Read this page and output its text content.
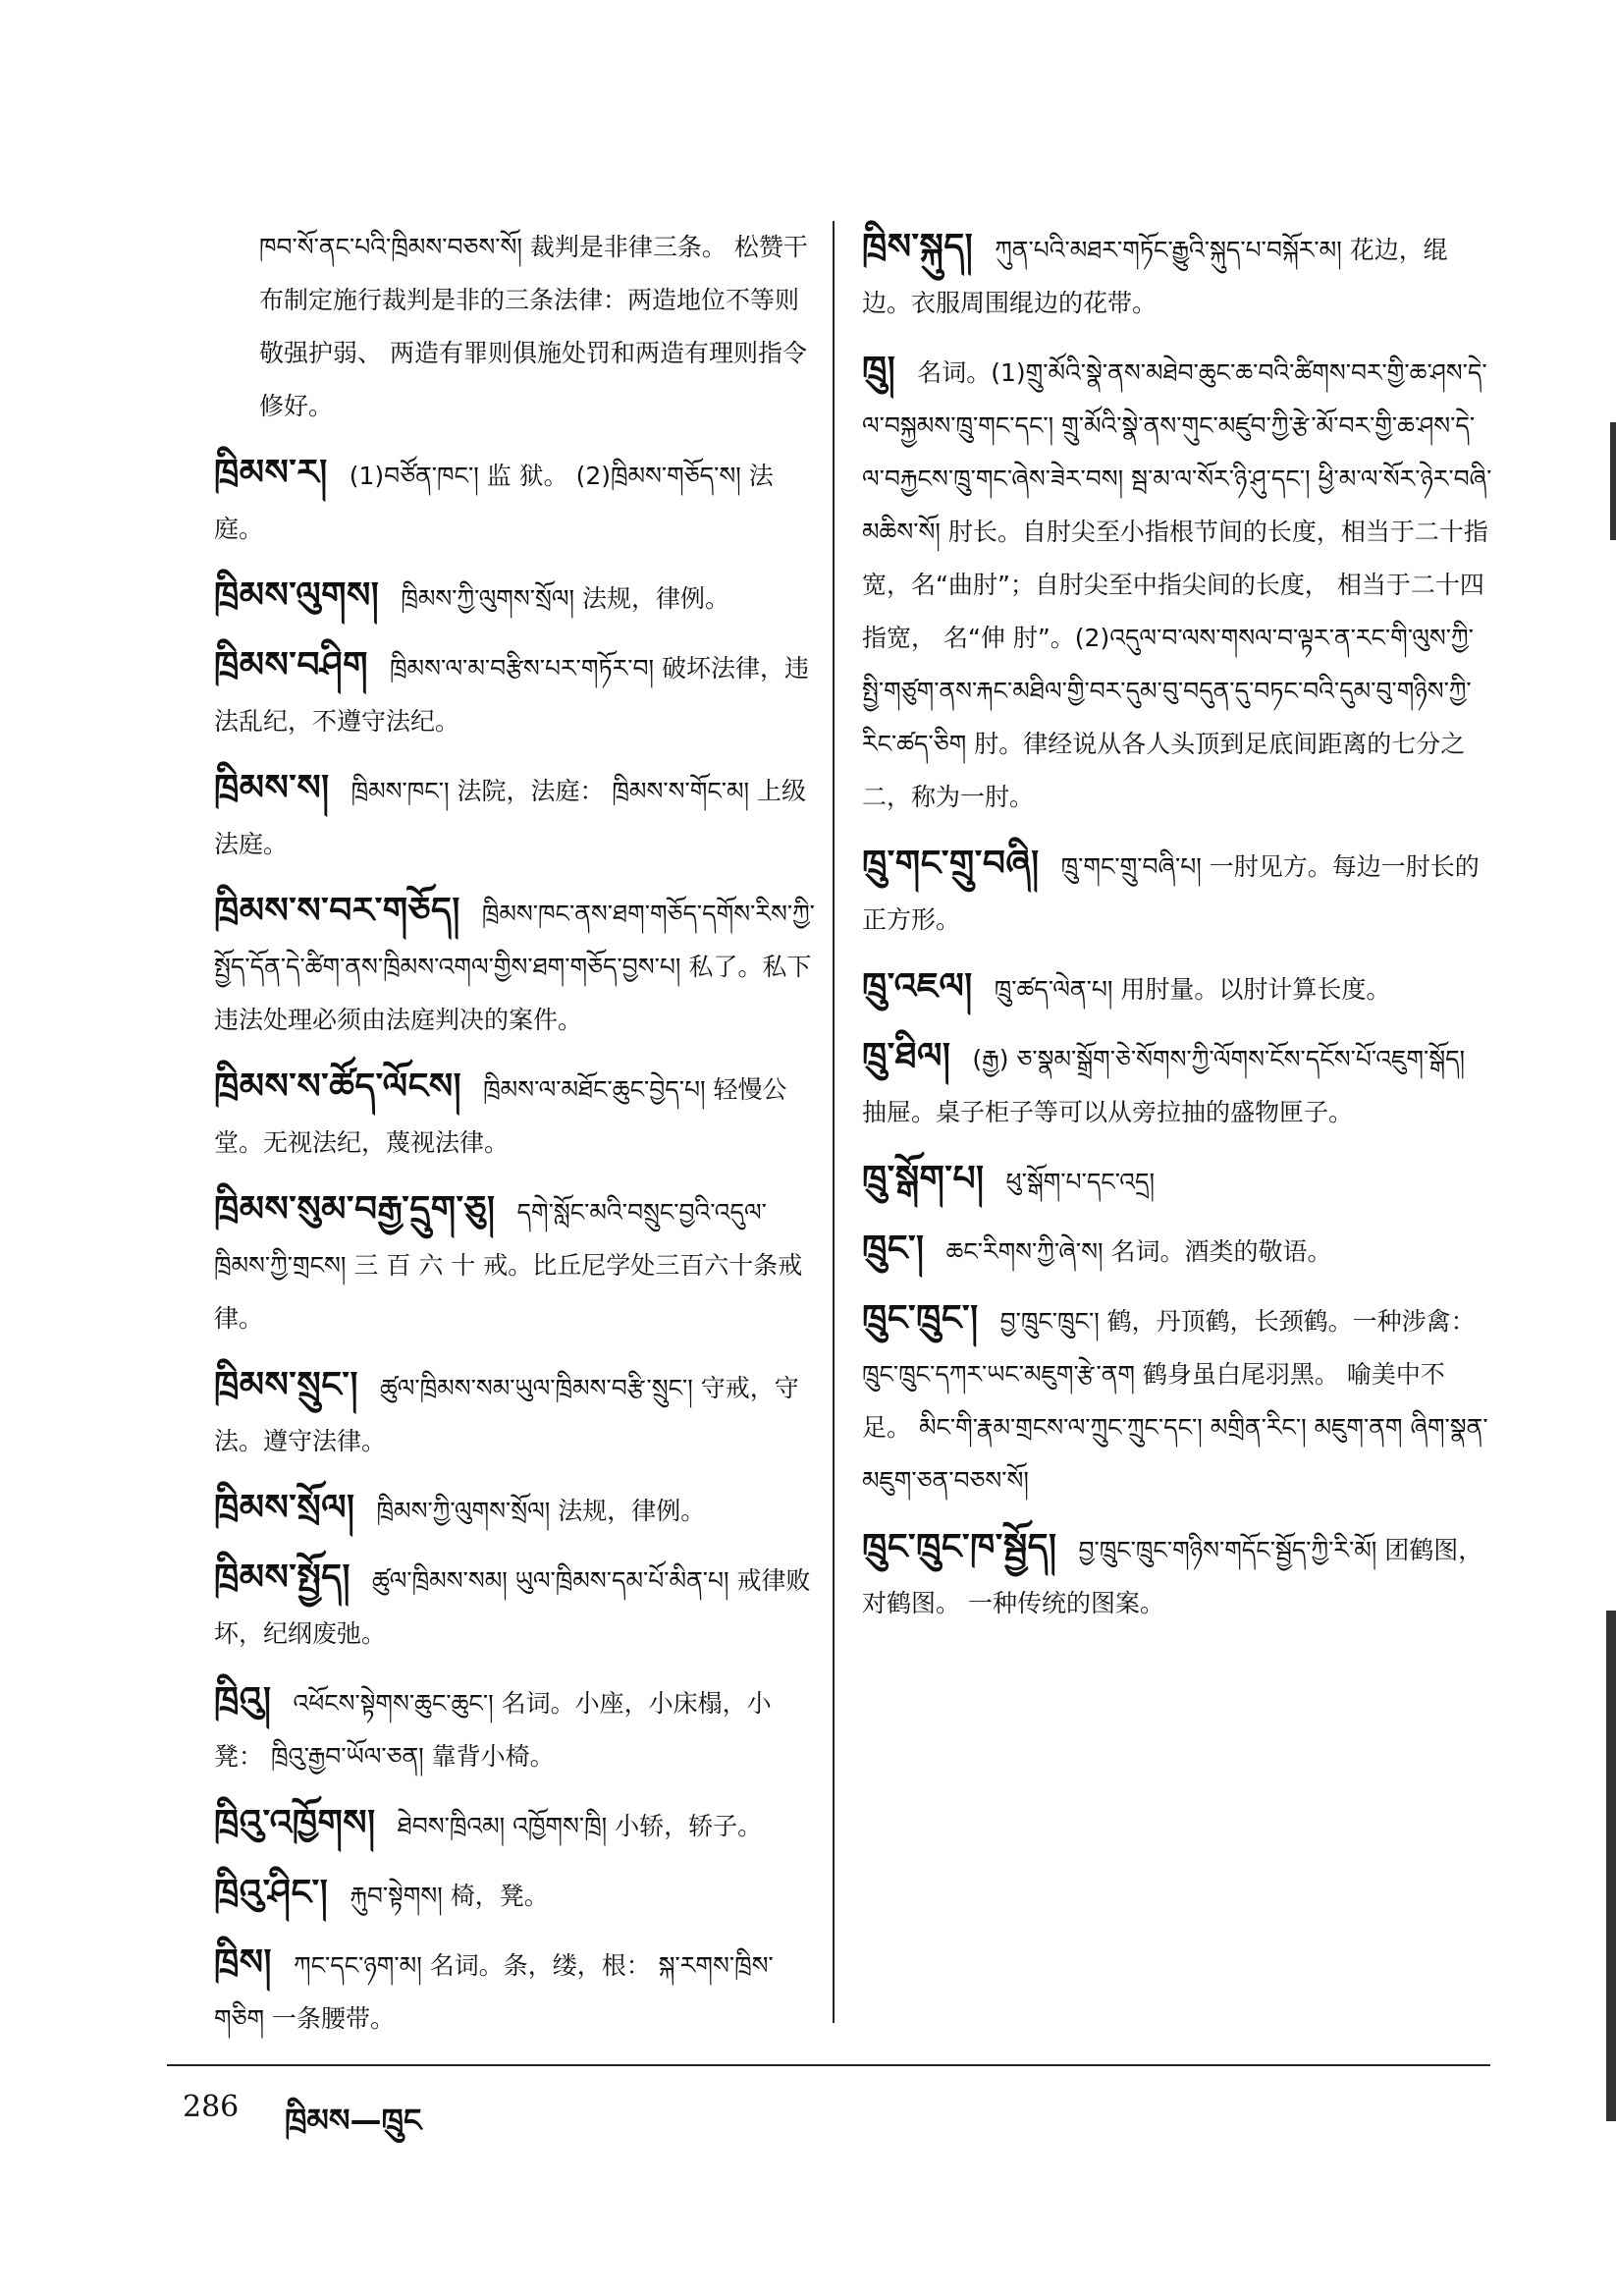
ཁབ་སོ་ནང་པའི་ཁྲིམས་བཅས་སོ། 裁判是非律三条。 松赞干布制定施行裁判是非的三条法律：两造地位不等则敬强护弱、 两造有罪则俱施处罚和两造有理则指令修好。
ཁྲིམས་ར། (1)བཙོན་ཁང་། 监 狱。 (2)ཁྲིམས་གཅོད་ས། 法庭。
ཁྲིམས་ལུགས། ཁྲིམས་ཀྱི་ལུགས་སྲོལ། 法规，律例。
ཁྲིམས་བཤིག ཁྲིམས་ལ་མ་བརྩིས་པར་གཏོར་བ། 破坏法律，违法乱纪，不遵守法纪。
ཁྲིམས་ས། ཁྲིམས་ཁང་། 法院，法庭： ཁྲིམས་ས་གོང་མ། 上级法庭。
ཁྲིམས་ས་བར་གཅོད། ཁྲིམས་ཁང་ནས་ཐག་གཅོད་དགོས་རིས་ཀྱི་སྤྱོད་དོན་དེ་ཚིག་ནས་ཁྲིམས་འགལ་གྱིས་ཐག་གཅོད་བྱས་པ། 私了。私下违法处理必须由法庭判决的案件。
ཁྲིམས་ས་ཚོད་ལོངས། ཁྲིམས་ལ་མཐོང་ཆུང་བྱེད་པ། 轻慢公堂。无视法纪，蔑视法律。
ཁྲིམས་སུམ་བརྒྱ་དྲུག་ཅུ། དགེ་སློང་མའི་བསྲུང་བྱའི་འདུལ་ཁྲིམས་ཀྱི་གྲངས། 三 百 六 十 戒。比丘尼学处三百六十条戒律。
ཁྲིམས་སྲུང་། ཚུལ་ཁྲིམས་སམ་ཡུལ་ཁྲིམས་བརྩི་སྲུང་། 守戒，守法。遵守法律。
ཁྲིམས་སྲོལ། ཁྲིམས་ཀྱི་ལུགས་སྲོལ། 法规，律例。
ཁྲིམས་སྤྱོད། ཚུལ་ཁྲིམས་སམ། ཡུལ་ཁྲིམས་དམ་པོ་མིན་པ། 戒律败坏，纪纲废弛。
ཁྲིའུ། འཕོངས་སྟེགས་ཆུང་ཆུང་། 名词。小座，小床榻，小凳： ཁྲིའུ་རྒྱབ་ཡོལ་ཅན། 靠背小椅。
ཁྲིའུ་འཁྱོགས། ཐེབས་ཁྲིའམ། འཁྱོགས་ཁྲི། 小轿，轿子。
ཁྲིའུ་ཤིང་། རྐུབ་སྟེགས། 椅，凳。
ཁྲིས། ཀང་དང་ཉག་མ། 名词。条，缕，根： སྐ་རགས་ཁྲིས་གཅིག 一条腰带。
ཁྲིས་སྐུད། ཀུན་པའི་མཐར་གཏོང་རྒྱུའི་སྐུད་པ་བསྐོར་མ། 花边，绲边。衣服周围绲边的花带。
ཁྲུ། 名词。(1)གྲུ་མོའི་སྣེ་ནས་མཐེབ་ཆུང་ཆ་བའི་ཚིགས་བར་གྱི་ཆ་ཤས་དེ་ལ་བསྐྱམས་ཁྲུ་གང་དང་། གྲུ་མོའི་སྣེ་ནས་གུང་མཛུབ་ཀྱི་རྩེ་མོ་བར་གྱི་ཆ་ཤས་དེ་ལ་བརྐྱངས་ཁྲུ་གང་ཞེས་ཟེར་བས། སྦ་མ་ལ་སོར་ཉི་ཤུ་དང་། ཕྱི་མ་ལ་སོར་ཉེར་བཞི་མཆིས་སོ། 肘长。自肘尖至小指根节间的长度，相当于二十指宽，名“曲肘”；自肘尖至中指尖间的长度， 相当于二十四指宽， 名“伸 肘”。(2)འདུལ་བ་ལས་གསལ་བ་ལྟར་ན་རང་གི་ལུས་ཀྱི་སྤྱི་གཙུག་ནས་རྐང་མཐིལ་གྱི་བར་དུམ་བུ་བདུན་དུ་བཏང་བའི་དུམ་བུ་གཉིས་ཀྱི་རིང་ཚད་ཅིག 肘。律经说从各人头顶到足底间距离的七分之二，称为一肘。
ཁྲུ་གང་གྲུ་བཞི། ཁྲུ་གང་གྲུ་བཞི་པ། 一肘见方。每边一肘长的正方形。
ཁྲུ་འཇལ། ཁྲུ་ཚད་ལེན་པ། 用肘量。以肘计算长度。
ཁྲུ་ཐིལ། (རྒྱ) ཅ་སྣམ་སྒྲོག་ཅེ་སོགས་ཀྱི་ལོགས་ངོས་དངོས་པོ་འཇུག་སྒོད། 抽屉。桌子柜子等可以从旁拉抽的盛物匣子。
ཁྲུ་སྒོག་པ། ཕུ་སྒོག་པ་དང་འདྲ།
ཁྲུང་། ཆང་རིགས་ཀྱི་ཞེ་ས། 名词。酒类的敬语。
ཁྲུང་ཁྲུང་། བྱ་ཁྲུང་ཁྲུང་། 鹤，丹顶鹤，长颈鹤。一种涉禽： ཁྲུང་ཁྲུང་དཀར་ཡང་མཇུག་རྩེ་ནག 鹤身虽白尾羽黑。 喻美中不足。 མིང་གི་རྣམ་གྲངས་ལ་ཀྲུང་ཀྲུང་དང་། མགྲིན་རིང་། མཇུག་ནག ཞིག་སྣན་མཇུག་ཅན་བཅས་སོ།
ཁྲུང་ཁྲུང་ཁ་སྦྱོད། བྱ་ཁྲུང་ཁྲུང་གཉིས་གདོང་སྦྱོད་ཀྱི་རི་མོ། 团鹤图， 对鹤图。 一种传统的图案。
286 ཁྲིམས—ཁྲུང
